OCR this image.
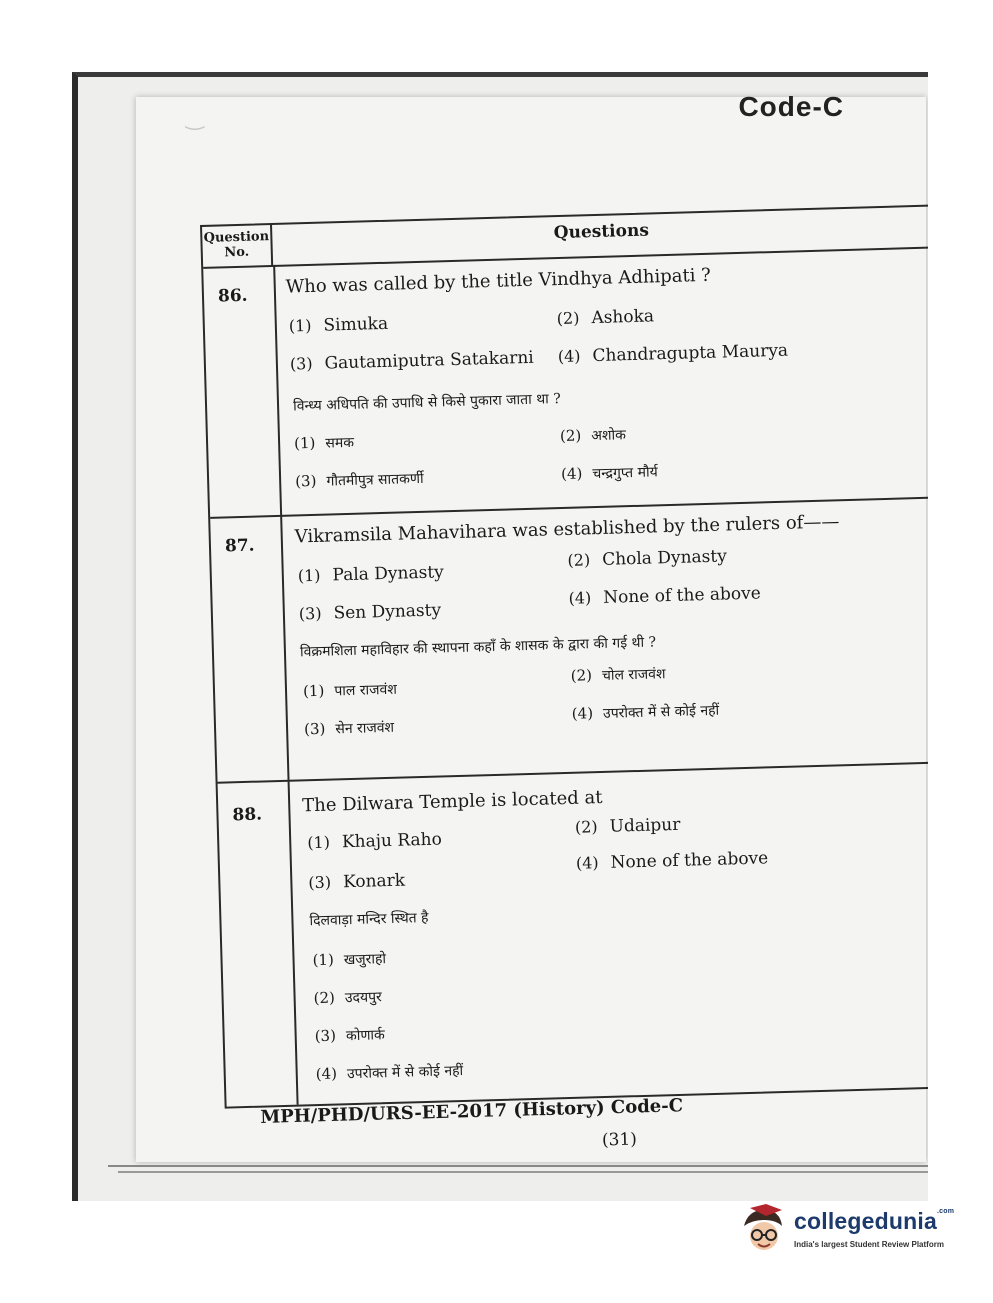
Code-C
‿
Question No.
Questions
86.	Who was called by the title Vindhya Adhipati ?
(1) Simuka	(2) Ashoka
(3) Gautamiputra Satakarni (4) Chandragupta Maurya
विन्ध्य अधिपति की उपाधि से किसे पुकारा जाता था ?
(1) समक	(2) अशोक
(3) गौतमीपुत्र सातकर्णी	(4) चन्द्रगुप्त मौर्य
87.	Vikramsila Mahavihara was established by the rulers of——
(1) Pala Dynasty
(2) Chola Dynasty
(3) Sen Dynasty
(4) None of the above
विक्रमशिला महाविहार की स्थापना कहाँ के शासक के द्वारा की गई थी ?
(1) पाल राजवंश
(2) चोल राजवंश
(3) सेन राजवंश
(4) उपरोक्त में से कोई नहीं
88.	The Dilwara Temple is located at
(1) Khaju Raho
(2) Udaipur
(3) Konark
(4) None of the above
दिलवाड़ा मन्दिर स्थित है
(1) खजुराहो
(2) उदयपुर
(3) कोणार्क
(4) उपरोक्त में से कोई नहीं
MPH/PHD/URS-EE-2017 (History) Code-C
(31)
collegedunia$^{.com}$
India's largest Student Review Platform
